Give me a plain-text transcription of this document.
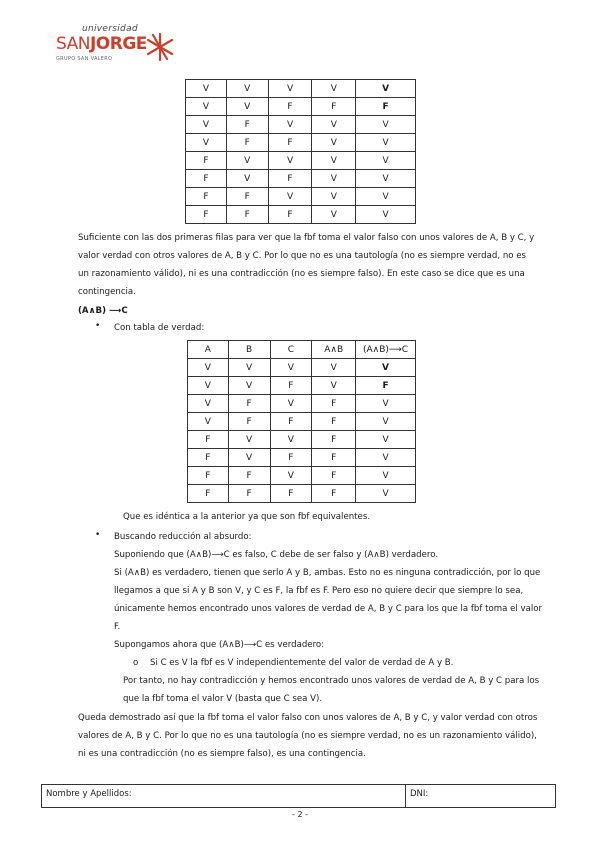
universidad
SANJORGE
GRUPO SAN VALERO
V	V	V	V	V
V	V	F	F	F
V	F	V	V	V
V	F	F	V	V
F	V	V	V	V
F	V	F	V	V
F	F	V	V	V
F	F	F	V	V
Suficiente con las dos primeras filas para ver que la fbf toma el valor falso con unos valores de A, B y C, y
valor verdad con otros valores de A, B y C. Por lo que no es una tautología (no es siempre verdad, no es
un razonamiento válido), ni es una contradicción (no es siempre falso). En este caso se dice que es una
contingencia.
(A∧B) ⟶C
• Con tabla de verdad:
A	B	C	A∧B	(A∧B)⟶C
V	V	V	V	V
V	V	F	V	F
V	F	V	F	V
V	F	F	F	V
F	V	V	F	V
F	V	F	F	V
F	F	V	F	V
F	F	F	F	V
Que es idéntica a la anterior ya que son fbf equivalentes.
• Buscando reducción al absurdo:
Suponiendo que (A∧B)⟶C es falso, C debe de ser falso y (A∧B) verdadero.
Si (A∧B) es verdadero, tienen que serlo A y B, ambas. Esto no es ninguna contradicción, por lo que
llegamos a que si A y B son V, y C es F, la fbf es F. Pero eso no quiere decir que siempre lo sea,
únicamente hemos encontrado unos valores de verdad de A, B y C para los que la fbf toma el valor
F.
Supongamos ahora que (A∧B)⟶C es verdadero:
o Si C es V la fbf es V independientemente del valor de verdad de A y B.
Por tanto, no hay contradicción y hemos encontrado unos valores de verdad de A, B y C para los
que la fbf toma el valor V (basta que C sea V).
Queda demostrado así que la fbf toma el valor falso con unos valores de A, B y C, y valor verdad con otros
valores de A, B y C. Por lo que no es una tautología (no es siempre verdad, no es un razonamiento válido),
ni es una contradicción (no es siempre falso), es una contingencia.
Nombre y Apellidos:	DNI:
- 2 -
